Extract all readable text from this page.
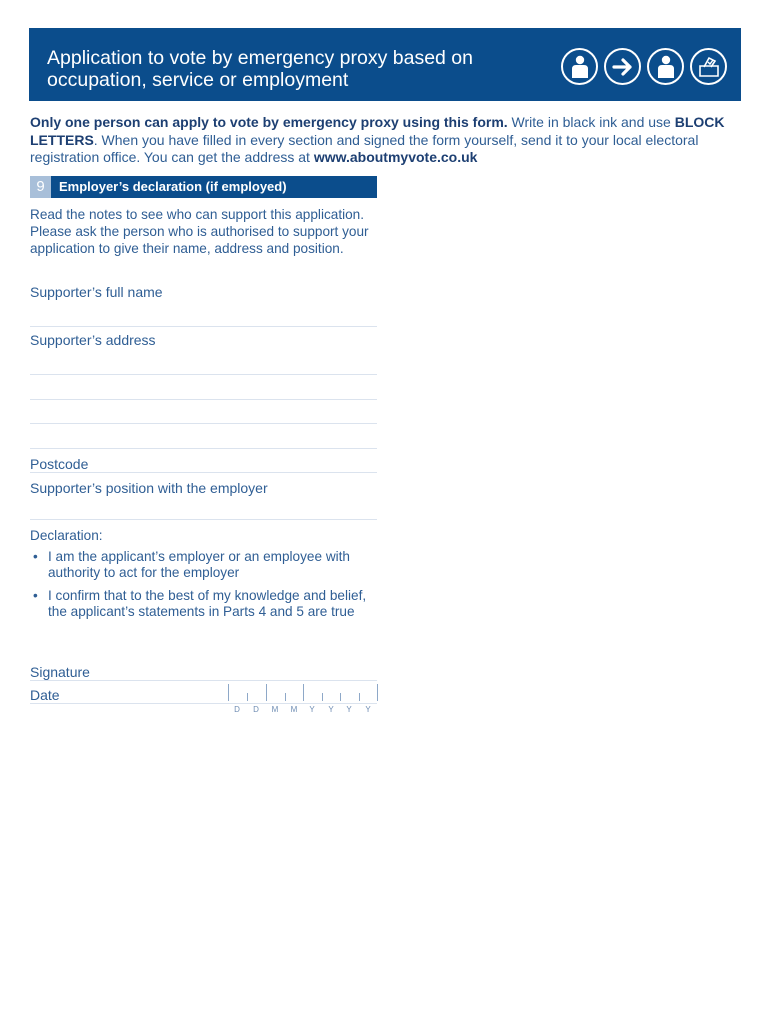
Application to vote by emergency proxy based on
occupation, service or employment
Only one person can apply to vote by emergency proxy using this form. Write in black ink and use BLOCK LETTERS. When you have filled in every section and signed the form yourself, send it to your local electoral registration office. You can get the address at www.aboutmyvote.co.uk
9	Employer’s declaration (if employed)
Read the notes to see who can support this application. Please ask the person who is authorised to support your application to give their name, address and position.
Supporter’s full name
Supporter’s address
Postcode
Supporter’s position with the employer
Declaration:
• I am the applicant’s employer or an employee with authority to act for the employer
• I confirm that to the best of my knowledge and belief, the applicant’s statements in Parts 4 and 5 are true
Signature
Date
D	D	M	M	Y	Y	Y	Y
